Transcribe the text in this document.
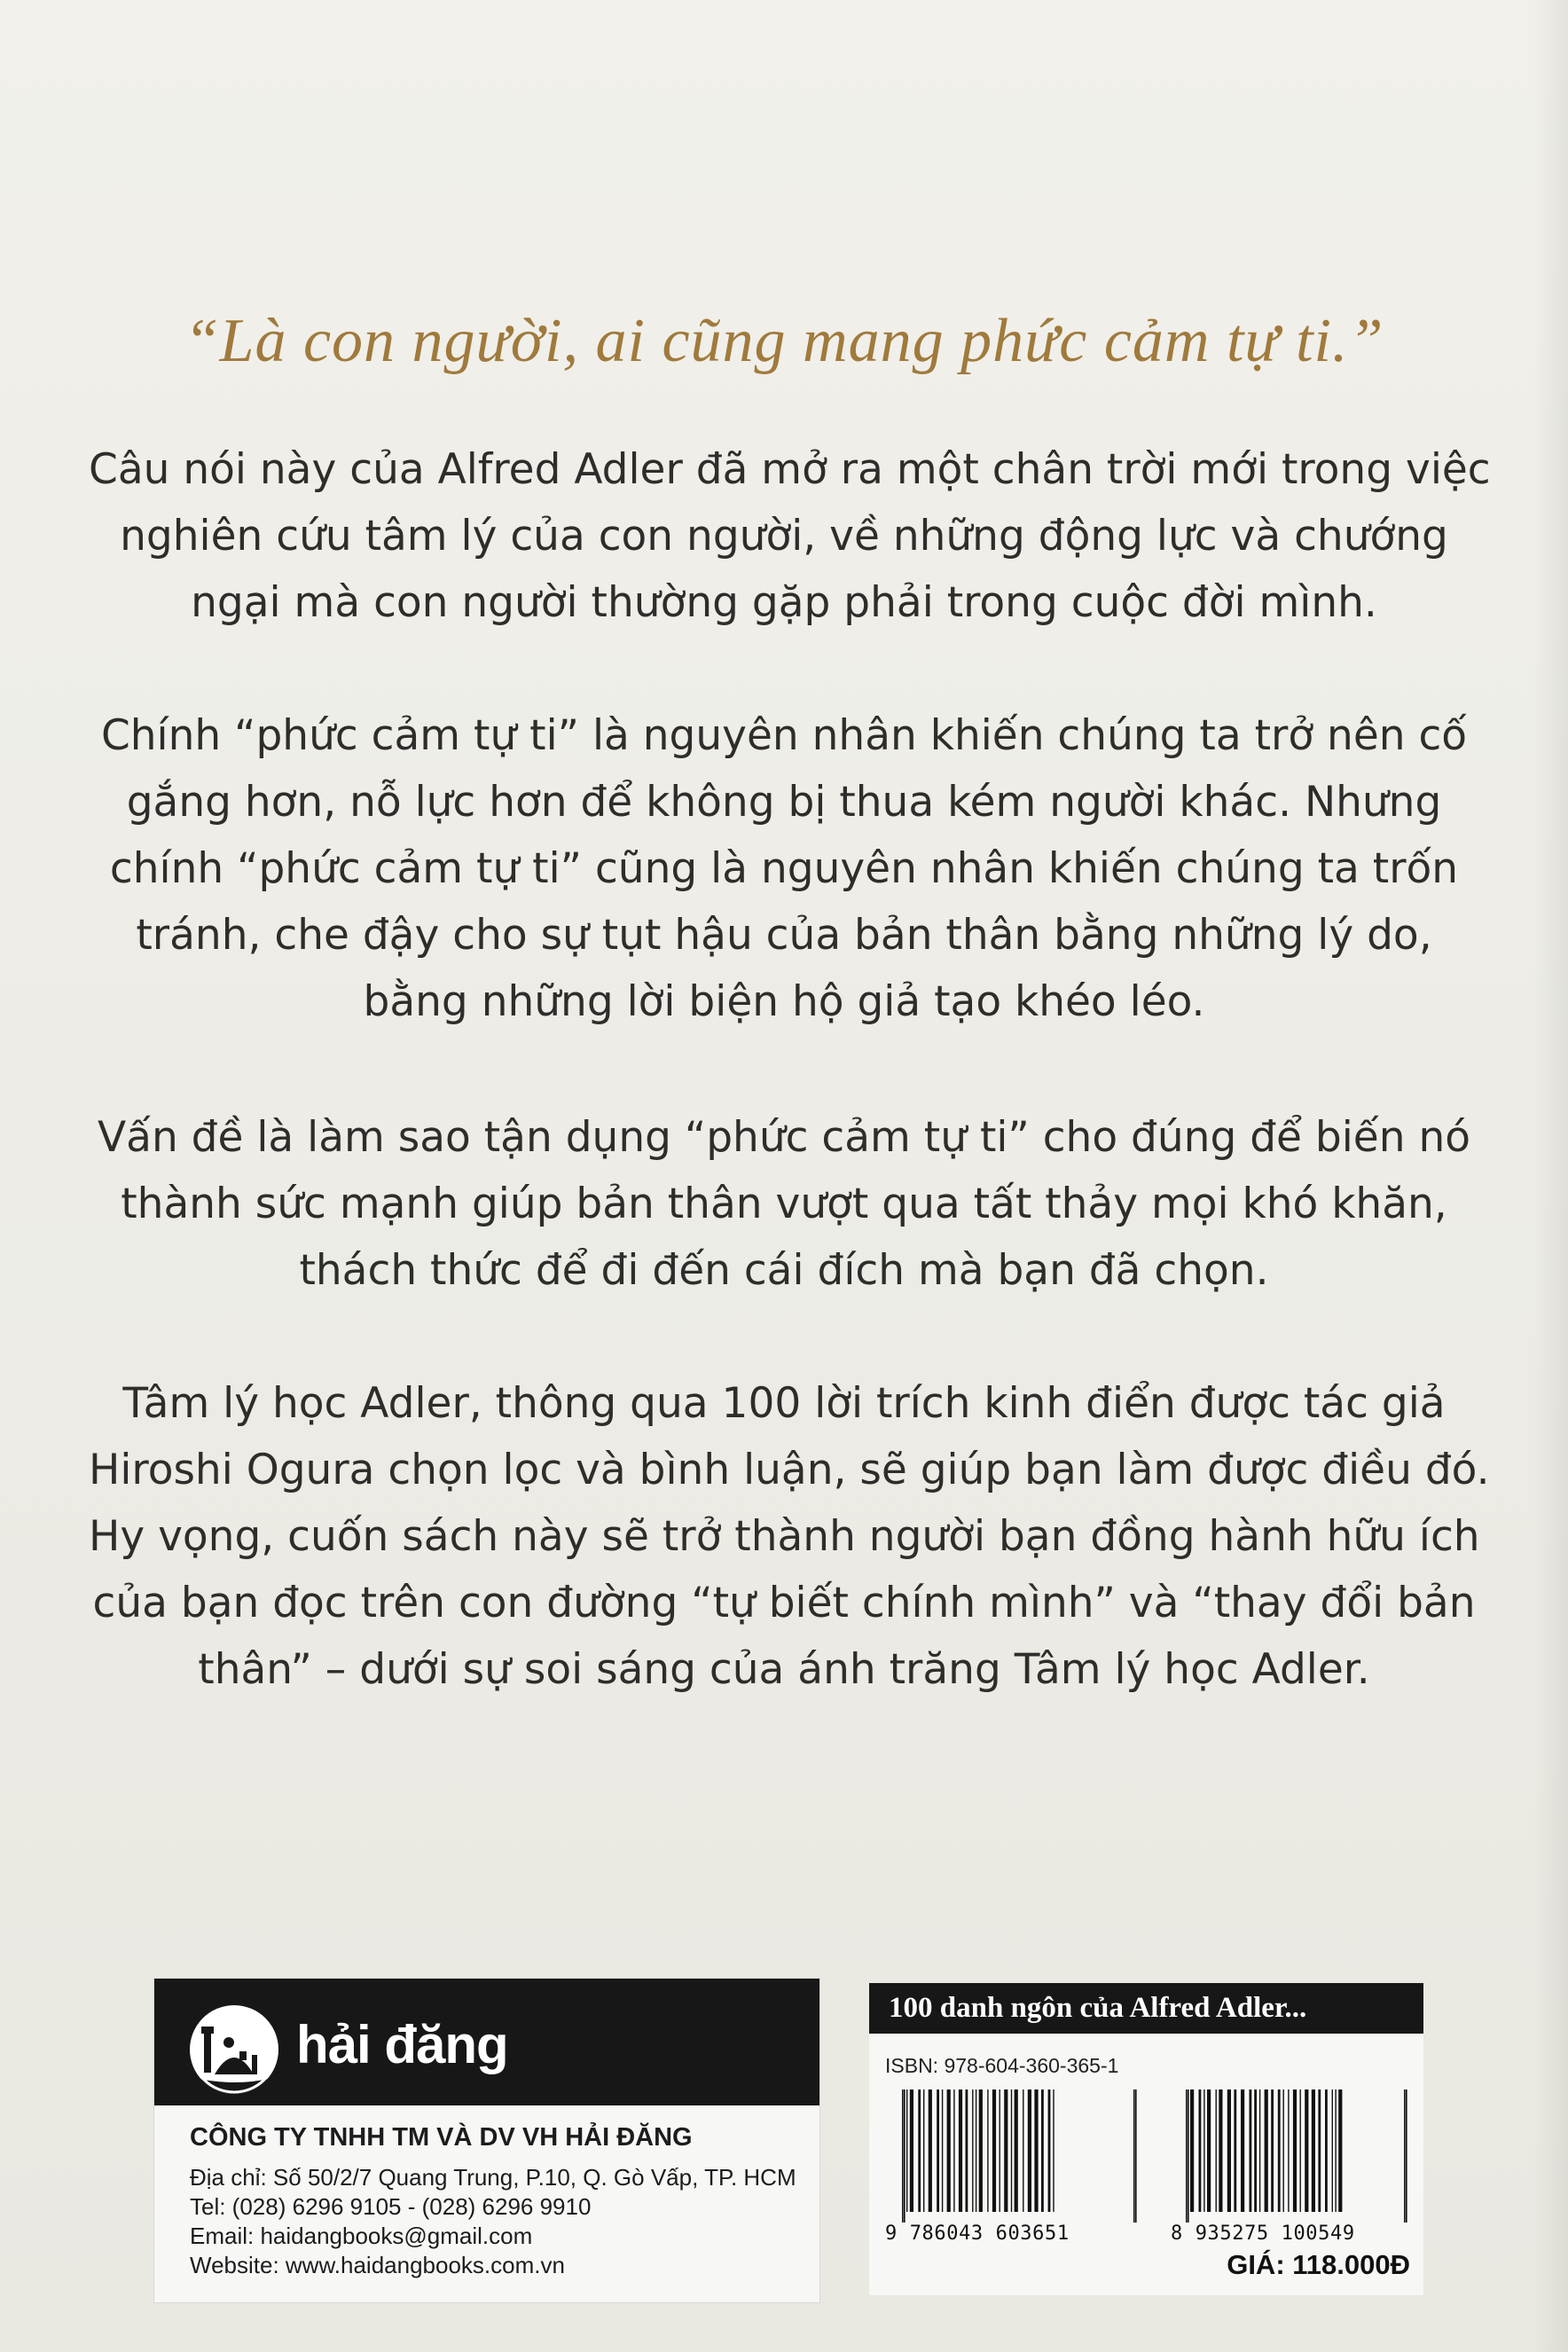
“Là con người, ai cũng mang phức cảm tự ti.”
Câu nói này của Alfred Adler đã mở ra một chân trời mới trong việc
nghiên cứu tâm lý của con người, về những động lực và chướng
ngại mà con người thường gặp phải trong cuộc đời mình.
Chính “phức cảm tự ti” là nguyên nhân khiến chúng ta trở nên cố
gắng hơn, nỗ lực hơn để không bị thua kém người khác. Nhưng
chính “phức cảm tự ti” cũng là nguyên nhân khiến chúng ta trốn
tránh, che đậy cho sự tụt hậu của bản thân bằng những lý do,
bằng những lời biện hộ giả tạo khéo léo.
Vấn đề là làm sao tận dụng “phức cảm tự ti” cho đúng để biến nó
thành sức mạnh giúp bản thân vượt qua tất thảy mọi khó khăn,
thách thức để đi đến cái đích mà bạn đã chọn.
Tâm lý học Adler, thông qua 100 lời trích kinh điển được tác giả
Hiroshi Ogura chọn lọc và bình luận, sẽ giúp bạn làm được điều đó.
Hy vọng, cuốn sách này sẽ trở thành người bạn đồng hành hữu ích
của bạn đọc trên con đường “tự biết chính mình” và “thay đổi bản
thân” – dưới sự soi sáng của ánh trăng Tâm lý học Adler.
hải đăng
CÔNG TY TNHH TM VÀ DV VH HẢI ĐĂNG
Địa chỉ: Số 50/2/7 Quang Trung, P.10, Q. Gò Vấp, TP. HCM
Tel: (028) 6296 9105 - (028) 6296 9910
Email: haidangbooks@gmail.com
Website: www.haidangbooks.com.vn
100 danh ngôn của Alfred Adler...
ISBN: 978-604-360-365-1
9 786043 603651	8 935275 100549
GIÁ: 118.000Đ
